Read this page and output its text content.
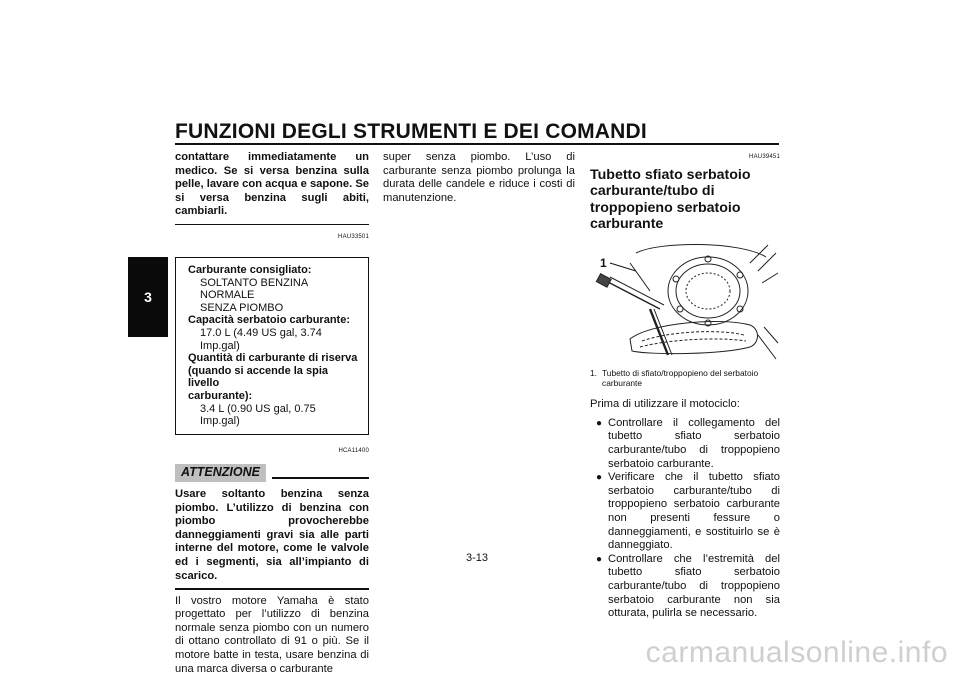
FUNZIONI DEGLI STRUMENTI E DEI COMANDI
3
contattare immediatamente un medico. Se si versa benzina sulla pelle, lavare con acqua e sapone. Se si versa benzina sugli abiti, cambiarli.
HAU33501
Carburante consigliato:
SOLTANTO BENZINA NORMALE
SENZA PIOMBO
Capacità serbatoio carburante:
17.0 L (4.49 US gal, 3.74 Imp.gal)
Quantità di carburante di riserva
(quando si accende la spia livello
carburante):
3.4 L (0.90 US gal, 0.75 Imp.gal)
HCA11400
ATTENZIONE
Usare soltanto benzina senza piombo. L’utilizzo di benzina con piombo provocherebbe danneggiamenti gravi sia alle parti interne del motore, come le valvole ed i segmenti, sia all’impianto di scarico.
Il vostro motore Yamaha è stato progettato per l’utilizzo di benzina normale senza piombo con un numero di ottano controllato di 91 o più. Se il motore batte in testa, usare benzina di una marca diversa o carburante
super senza piombo. L’uso di carburante senza piombo prolunga la durata delle candele e riduce i costi di manutenzione.
HAU39451
Tubetto sfiato serbatoio carburante/tubo di troppopieno serbatoio carburante
1
1. Tubetto di sfiato/troppopieno del serbatoio carburante
Prima di utilizzare il motociclo:
● Controllare il collegamento del tubetto sfiato serbatoio carburante/tubo di troppopieno serbatoio carburante.
● Verificare che il tubetto sfiato serbatoio carburante/tubo di troppopieno serbatoio carburante non presenti fessure o danneggiamenti, e sostituirlo se è danneggiato.
● Controllare che l’estremità del tubetto sfiato serbatoio carburante/tubo di troppopieno serbatoio carburante non sia otturata, pulirla se necessario.
3-13
carmanualsonline.info
